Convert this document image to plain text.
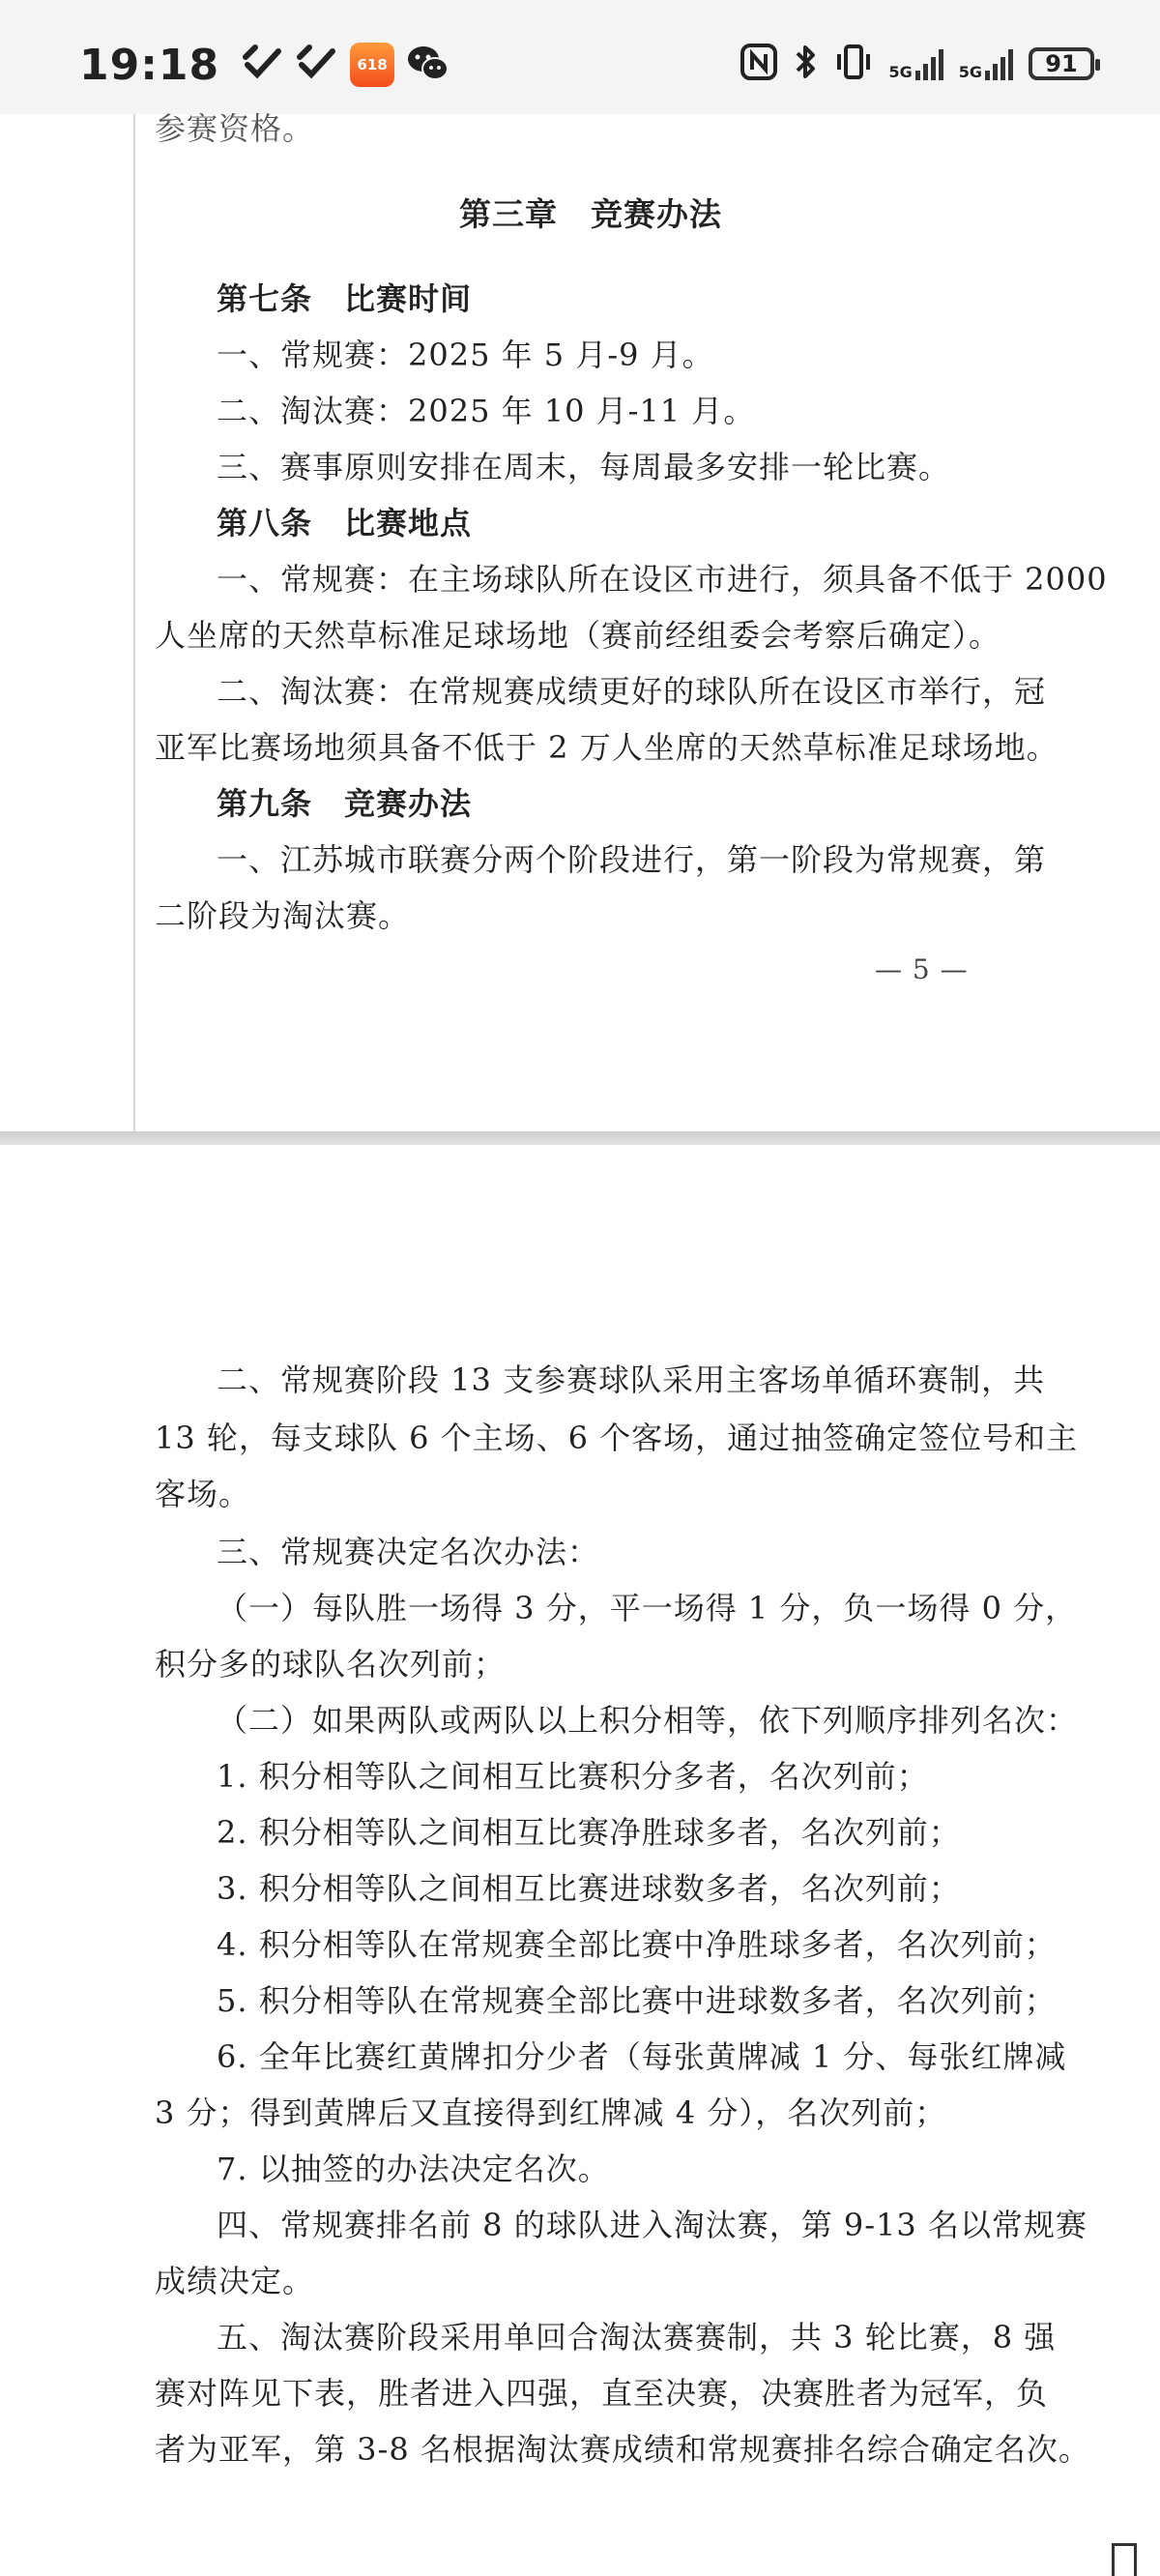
19:18	618	5G	5G	91
参赛资格。
第三章　竞赛办法
第七条　比赛时间
一、常规赛：2025 年 5 月-9 月。
二、淘汰赛：2025 年 10 月-11 月。
三、赛事原则安排在周末，每周最多安排一轮比赛。
第八条　比赛地点
一、常规赛：在主场球队所在设区市进行，须具备不低于 2000
人坐席的天然草标准足球场地（赛前经组委会考察后确定）。
二、淘汰赛：在常规赛成绩更好的球队所在设区市举行，冠
亚军比赛场地须具备不低于 2 万人坐席的天然草标准足球场地。
第九条　竞赛办法
一、江苏城市联赛分两个阶段进行，第一阶段为常规赛，第
二阶段为淘汰赛。
— 5 —
二、常规赛阶段 13 支参赛球队采用主客场单循环赛制，共
13 轮，每支球队 6 个主场、6 个客场，通过抽签确定签位号和主
客场。
三、常规赛决定名次办法：
（一）每队胜一场得 3 分，平一场得 1 分，负一场得 0 分，
积分多的球队名次列前；
（二）如果两队或两队以上积分相等，依下列顺序排列名次：
1. 积分相等队之间相互比赛积分多者，名次列前；
2. 积分相等队之间相互比赛净胜球多者，名次列前；
3. 积分相等队之间相互比赛进球数多者，名次列前；
4. 积分相等队在常规赛全部比赛中净胜球多者，名次列前；
5. 积分相等队在常规赛全部比赛中进球数多者，名次列前；
6. 全年比赛红黄牌扣分少者（每张黄牌减 1 分、每张红牌减
3 分；得到黄牌后又直接得到红牌减 4 分），名次列前；
7. 以抽签的办法决定名次。
四、常规赛排名前 8 的球队进入淘汰赛，第 9-13 名以常规赛
成绩决定。
五、淘汰赛阶段采用单回合淘汰赛赛制，共 3 轮比赛，8 强
赛对阵见下表，胜者进入四强，直至决赛，决赛胜者为冠军，负
者为亚军，第 3-8 名根据淘汰赛成绩和常规赛排名综合确定名次。
